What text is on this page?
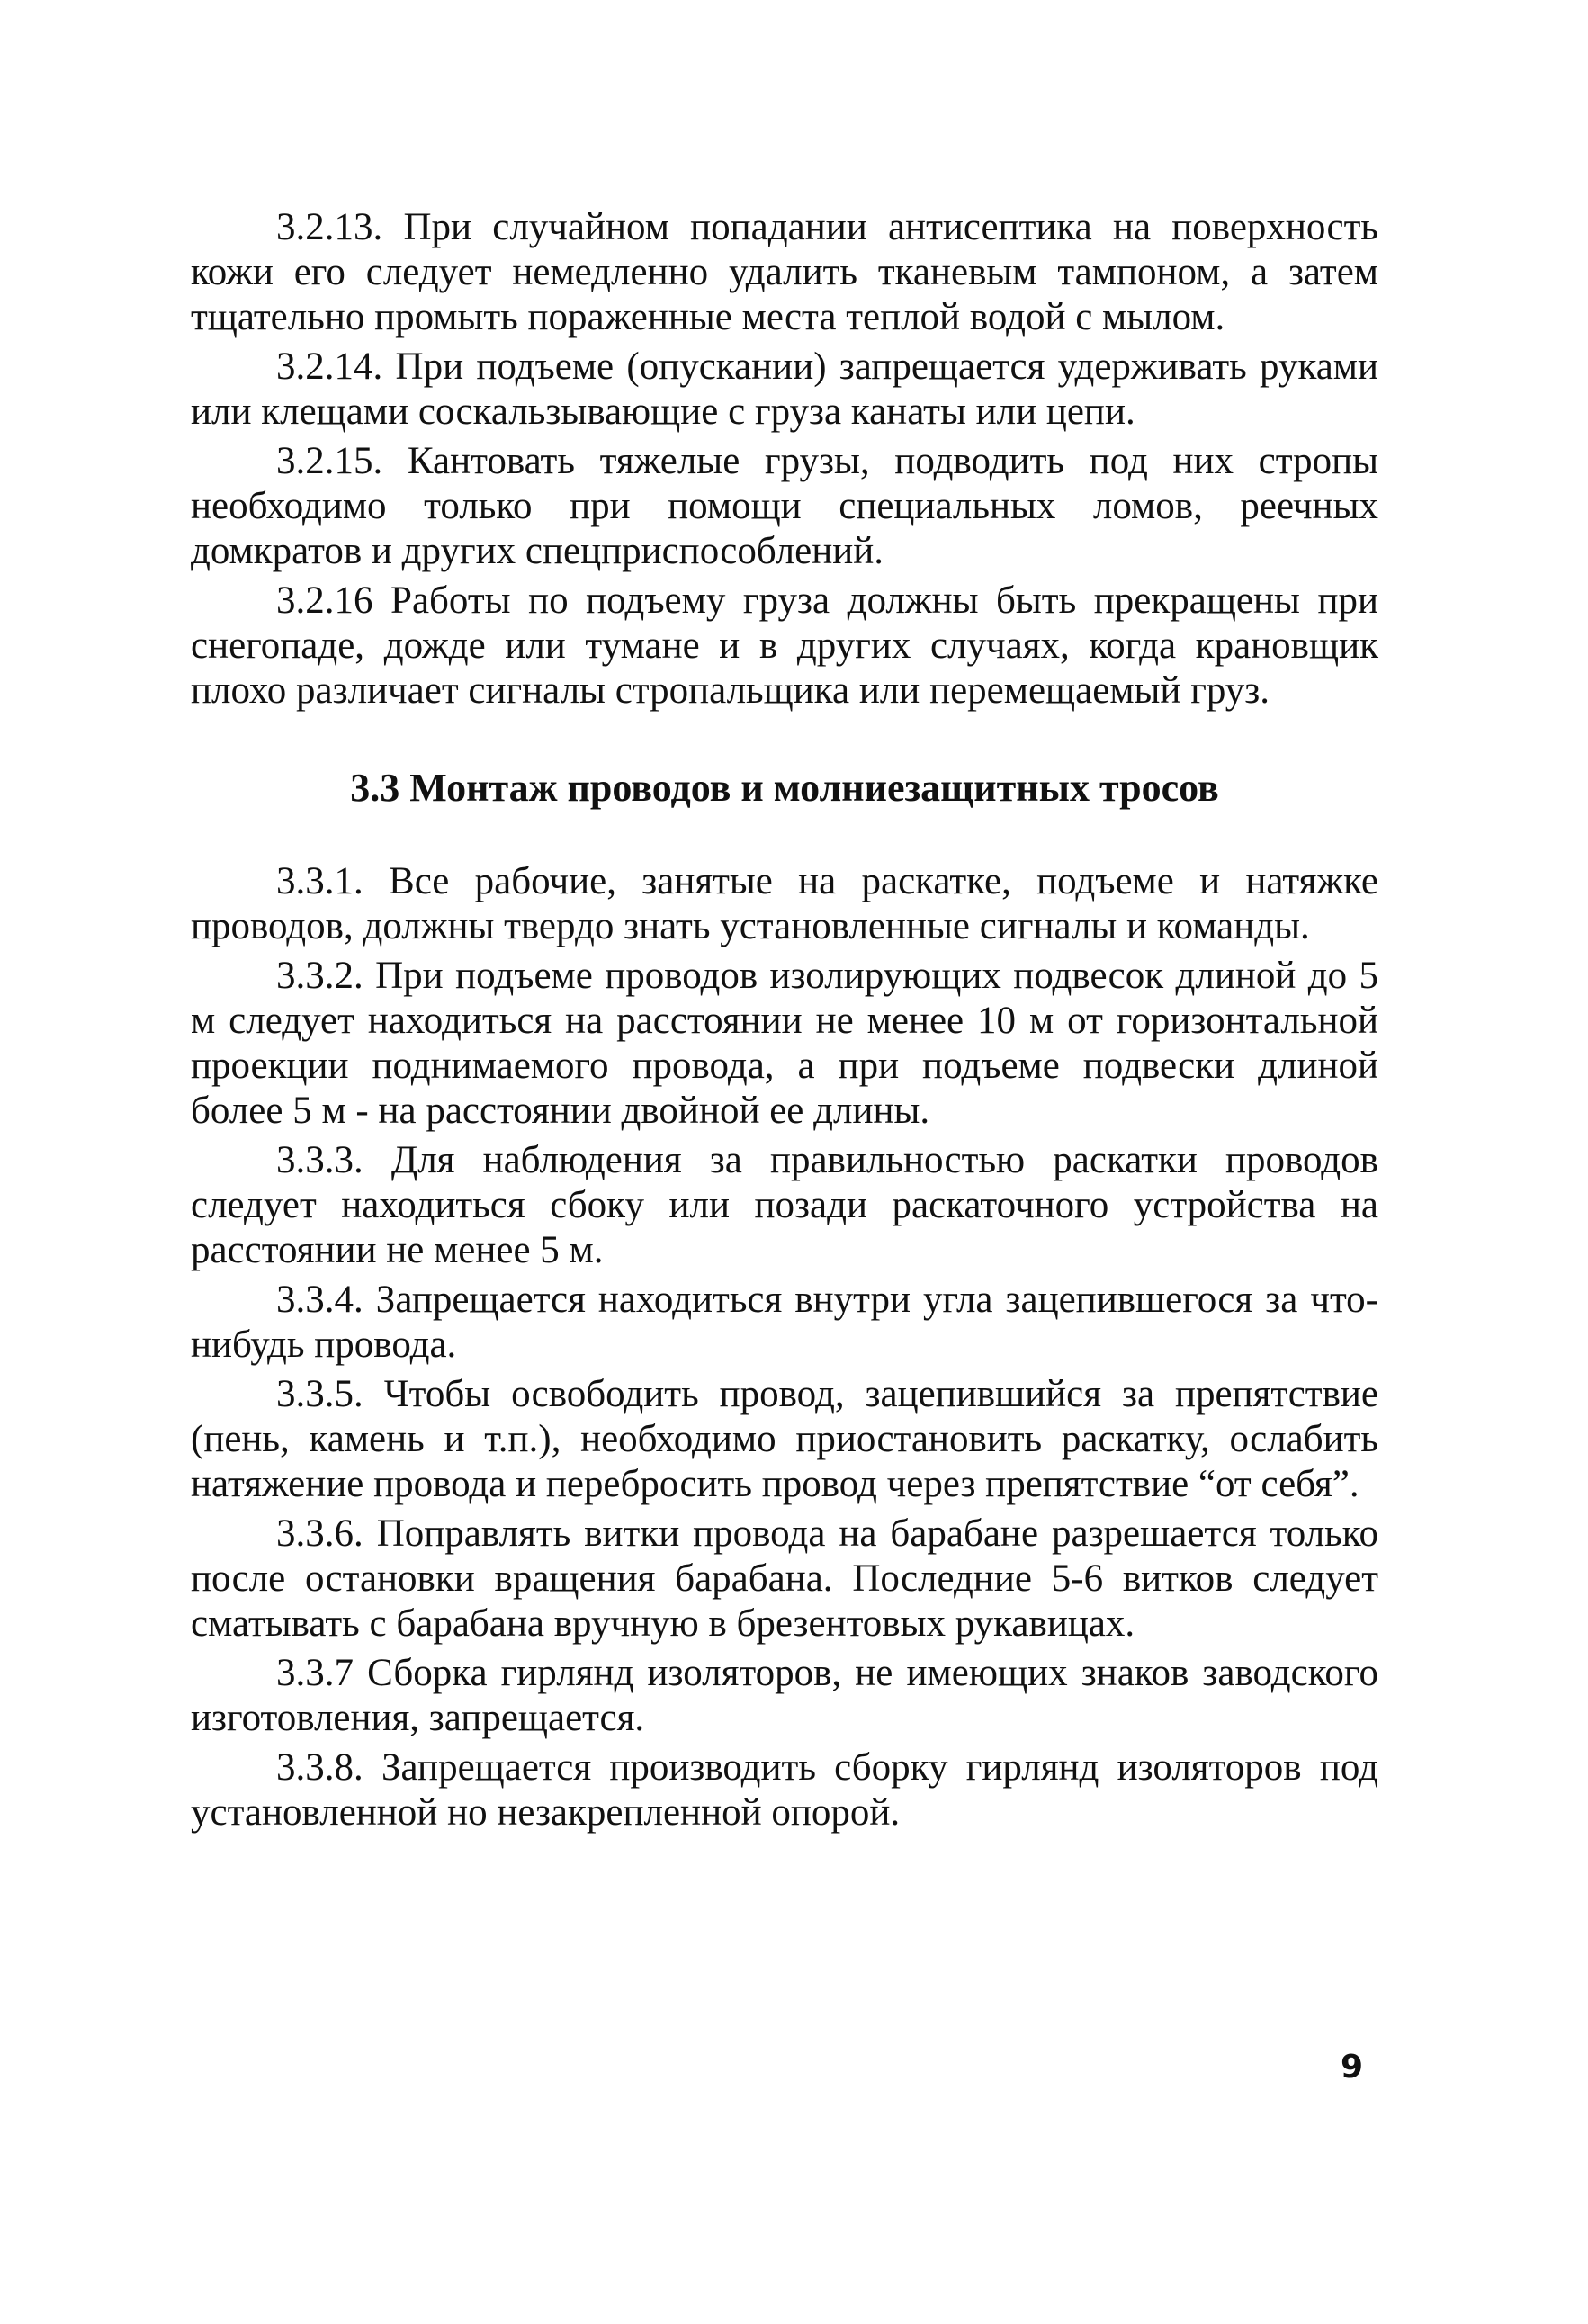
3.2.13. При случайном попадании антисептика на поверхность кожи его следует немедленно удалить тканевым тампоном, а затем тщательно промыть пораженные места теплой водой с мылом.

3.2.14. При подъеме (опускании) запрещается удерживать руками или клещами соскальзывающие с груза канаты или цепи.

3.2.15. Кантовать тяжелые грузы, подводить под них стропы необходимо только при помощи специальных ломов, реечных домкратов и других спецприспособлений.

3.2.16 Работы по подъему груза должны быть прекращены при снегопаде, дожде или тумане и в других случаях, когда крановщик плохо различает сигналы стропальщика или перемещаемый груз.

3.3 Монтаж проводов и молниезащитных тросов

3.3.1. Все рабочие, занятые на раскатке, подъеме и натяжке проводов, должны твердо знать установленные сигналы и команды.

3.3.2. При подъеме проводов изолирующих подвесок длиной до 5 м следует находиться на расстоянии не менее 10 м от горизонтальной проекции поднимаемого провода, а при подъеме подвески длиной более 5 м - на расстоянии двойной ее длины.

3.3.3. Для наблюдения за правильностью раскатки проводов следует находиться сбоку или позади раскаточного устройства на расстоянии не менее 5 м.

3.3.4. Запрещается находиться внутри угла зацепившегося за что-нибудь провода.

3.3.5. Чтобы освободить провод, зацепившийся за препятствие (пень, камень и т.п.), необходимо приостановить раскатку, ослабить натяжение провода и перебросить провод через препятствие “от себя”.

3.3.6. Поправлять витки провода на барабане разрешается только после остановки вращения барабана. Последние 5-6 витков следует сматывать с барабана вручную в брезентовых рукавицах.

3.3.7 Сборка гирлянд изоляторов, не имеющих знаков заводского изготовления, запрещается.

3.3.8. Запрещается производить сборку гирлянд изоляторов под установленной но незакрепленной опорой.

9
